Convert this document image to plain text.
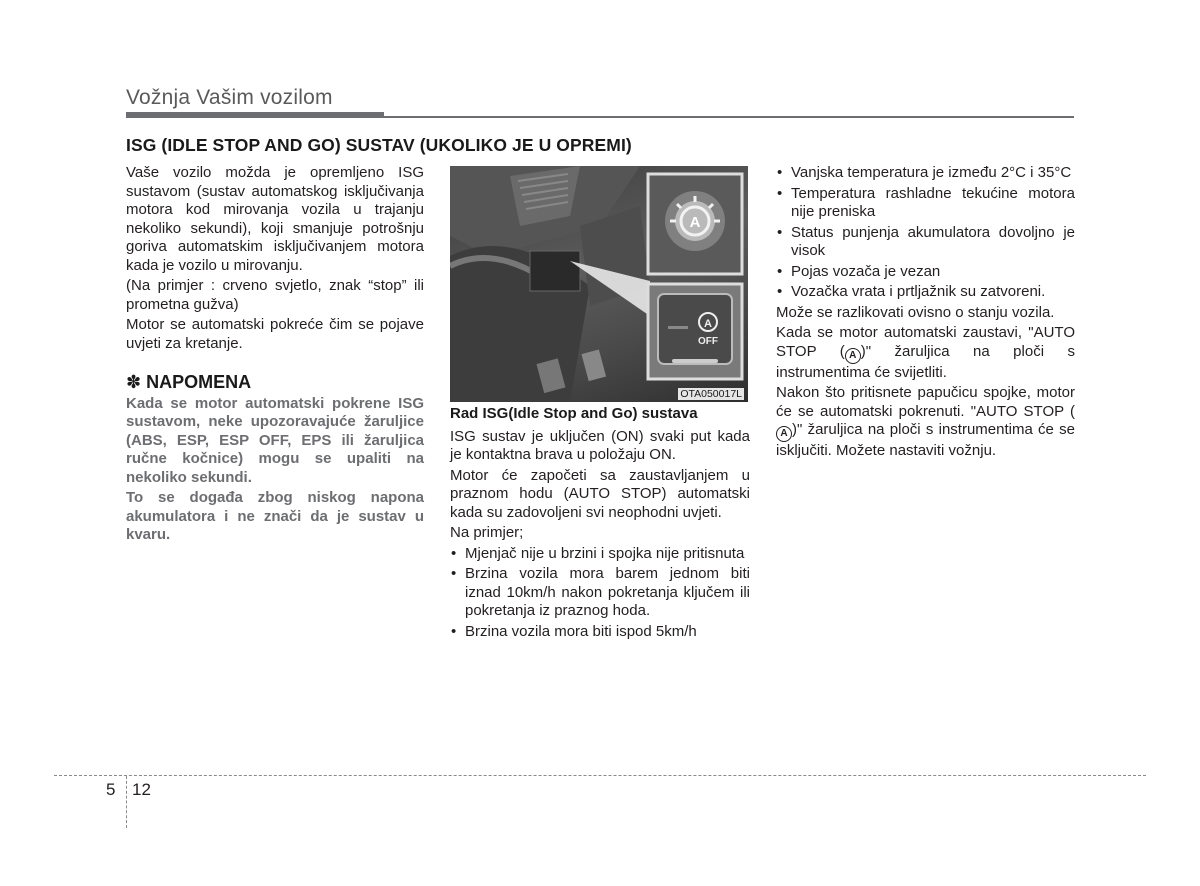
Vožnja Vašim vozilom
ISG (IDLE STOP AND GO) SUSTAV (UKOLIKO JE U OPREMI)

Vaše vozilo možda je opremljeno ISG sustavom (sustav automatskog isključivanja motora kod mirovanja vozila u trajanju nekoliko sekundi), koji smanjuje potrošnju goriva automatskim isključivanjem motora kada je vozilo u mirovanju.

(Na primjer : crveno svjetlo, znak “stop” ili prometna gužva)

Motor se automatski pokreće čim se pojave uvjeti za kretanje.

✽ NAPOMENA

Kada se motor automatski pokrene ISG sustavom, neke upozoravajuće žaruljice (ABS, ESP, ESP OFF, EPS ili žaruljica ručne kočnice) mogu se upaliti na nekoliko sekundi.

To se događa zbog niskog napona akumulatora i ne znači da je sustav u kvaru.

A
A
OFF
OTA050017L
Rad ISG(Idle Stop and Go) sustava

ISG sustav je uključen (ON) svaki put kada je kontaktna brava u položaju ON.

Motor će započeti sa zaustavljanjem u praznom hodu (AUTO STOP) automatski kada su zadovoljeni svi neophodni uvjeti.

Na primjer;

• Mjenjač nije u brzini i spojka nije pritisnuta
• Brzina vozila mora barem jednom biti iznad 10km/h nakon pokretanja ključem ili pokretanja iz praznog hoda.
• Brzina vozila mora biti ispod 5km/h
• Vanjska temperatura je između 2°C i 35°C
• Temperatura rashladne tekućine motora nije preniska
• Status punjenja akumulatora dovoljno je visok
• Pojas vozača je vezan
• Vozačka vrata i prtljažnik su zatvoreni.

Može se razlikovati ovisno o stanju vozila.

Kada se motor automatski zaustavi, "AUTO STOP ( A )" žaruljica na ploči s instrumentima će svijetliti.

Nakon što pritisnete papučicu spojke, motor će se automatski pokrenuti. "AUTO STOP (A )" žaruljica na ploči s instrumentima će se isključiti. Možete nastaviti vožnju.

5 12
